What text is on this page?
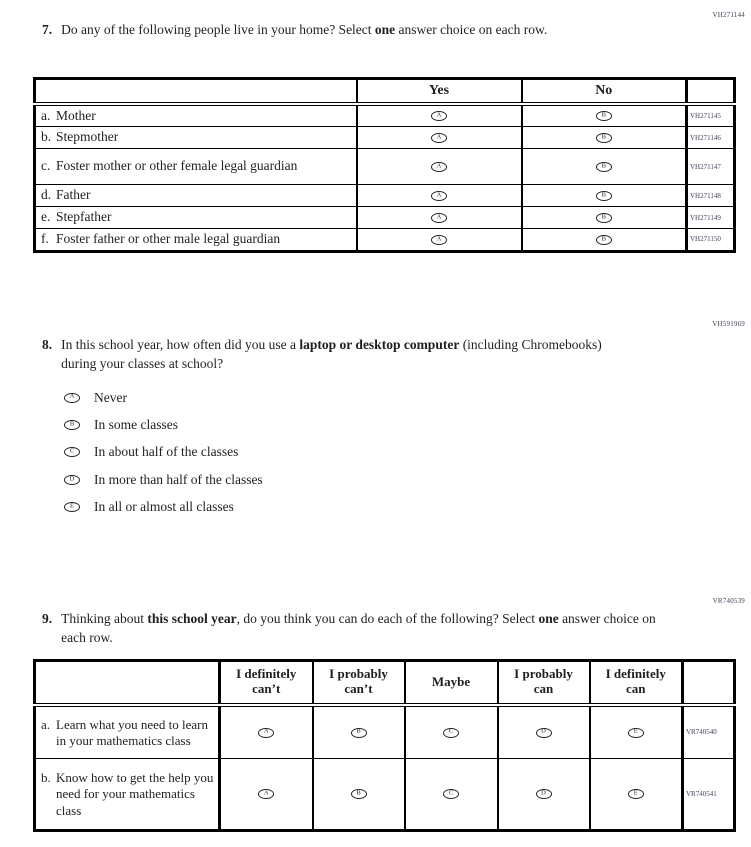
VH271144
7. Do any of the following people live in your home? Select one answer choice on each row.
	Yes	No	

a. Mother	A	B	VH271145

b. Stepmother	A	B	VH271146

c. Foster mother or other female legal guardian	A	B	VH271147

d. Father	A	B	VH271148

e. Stepfather	A	B	VH271149

f. Foster father or other male legal guardian	A	B	VH271150
VH591969
8. In this school year, how often did you use a laptop or desktop computer (including Chromebooks) during your classes at school?
A Never
B In some classes
C In about half of the classes
D In more than half of the classes
E In all or almost all classes
VR740539
9. Thinking about this school year, do you think you can do each of the following? Select one answer choice on each row.
	I definitely can’t	I probably can’t	Maybe	I probably can	I definitely can	

a. Learn what you need to learn in your mathematics class	A	B	C	D	E	VR740540

b. Know how to get the help you need for your mathematics class	A	B	C	D	E	VR740541
